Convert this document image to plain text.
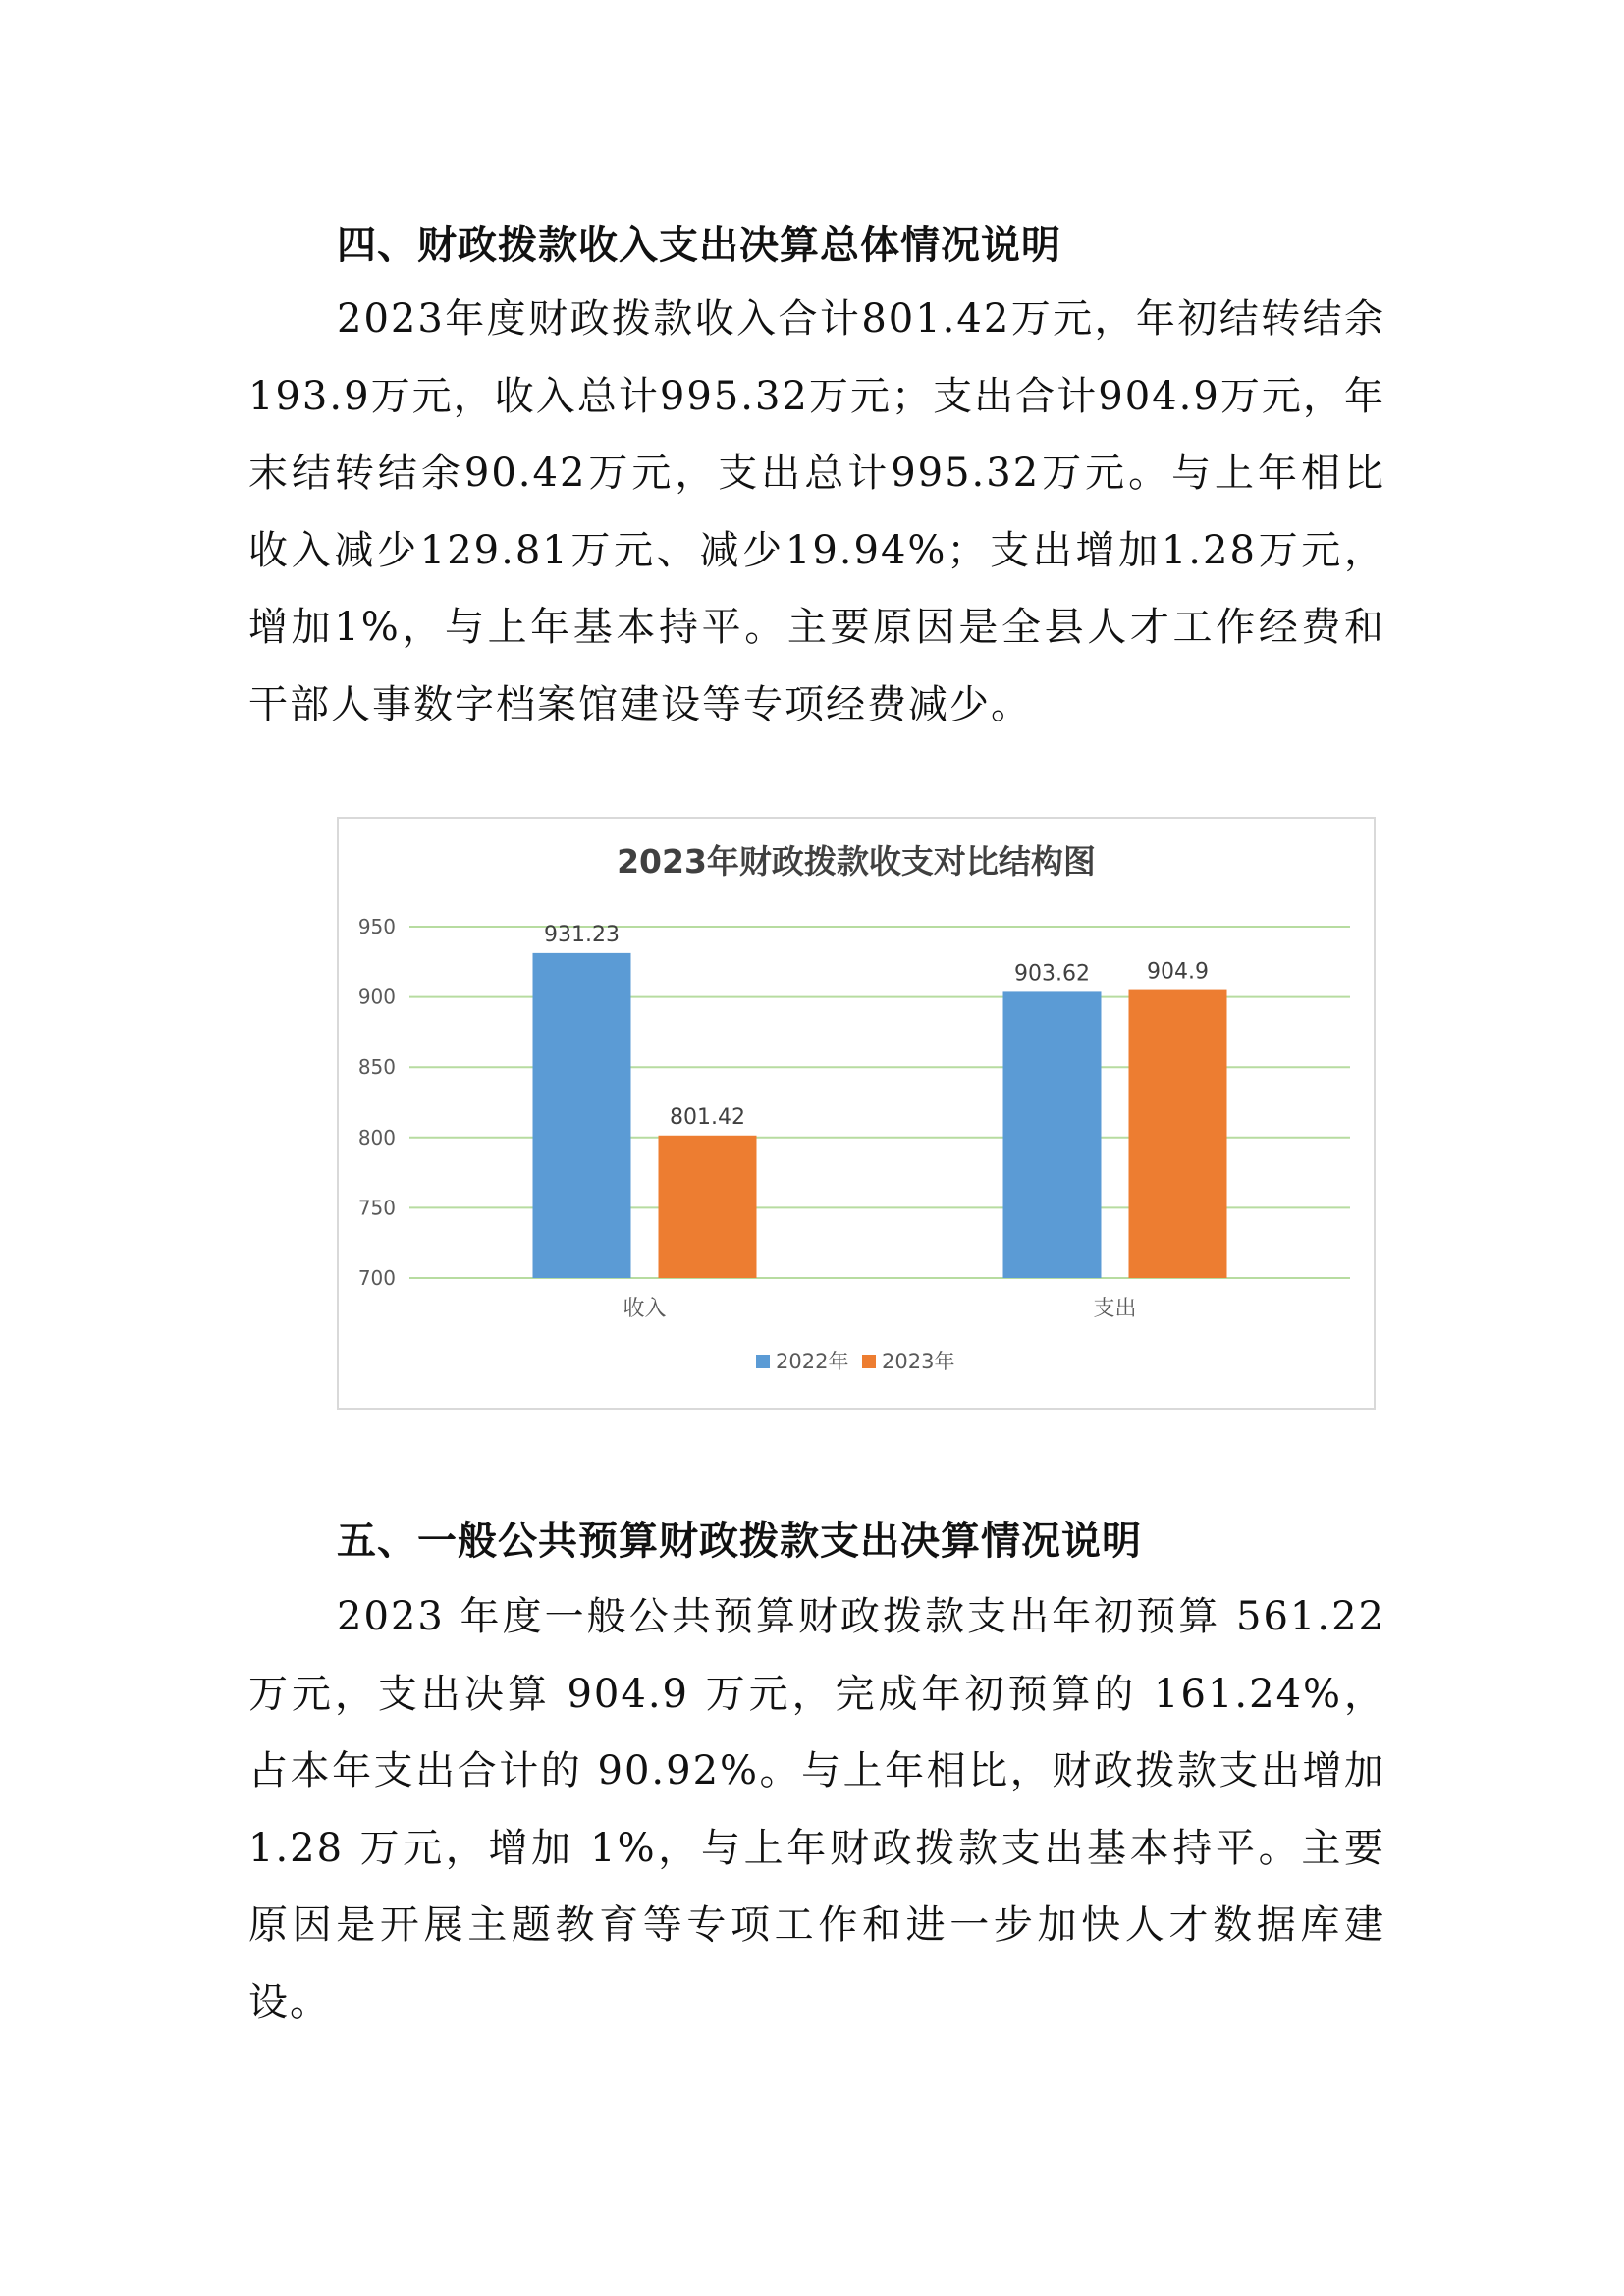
四、财政拨款收入支出决算总体情况说明

2023年度财政拨款收入合计801.42万元，年初结转结余193.9万元，收入总计995.32万元；支出合计904.9万元，年末结转结余90.42万元，支出总计995.32万元。与上年相比收入减少129.81万元、减少19.94%；支出增加1.28万元，增加1%，与上年基本持平。主要原因是全县人才工作经费和干部人事数字档案馆建设等专项经费减少。

2023年财政拨款收支对比结构图
950
900
850
800
750
700
931.23
801.42
收入
903.62	904.9
支出
2022年 2023年
五、一般公共预算财政拨款支出决算情况说明

2023 年度一般公共预算财政拨款支出年初预算 561.22 万元，支出决算 904.9 万元，完成年初预算的 161.24%，占本年支出合计的 90.92%。与上年相比，财政拨款支出增加 1.28 万元，增加 1%，与上年财政拨款支出基本持平。主要原因是开展主题教育等专项工作和进一步加快人才数据库建设。
